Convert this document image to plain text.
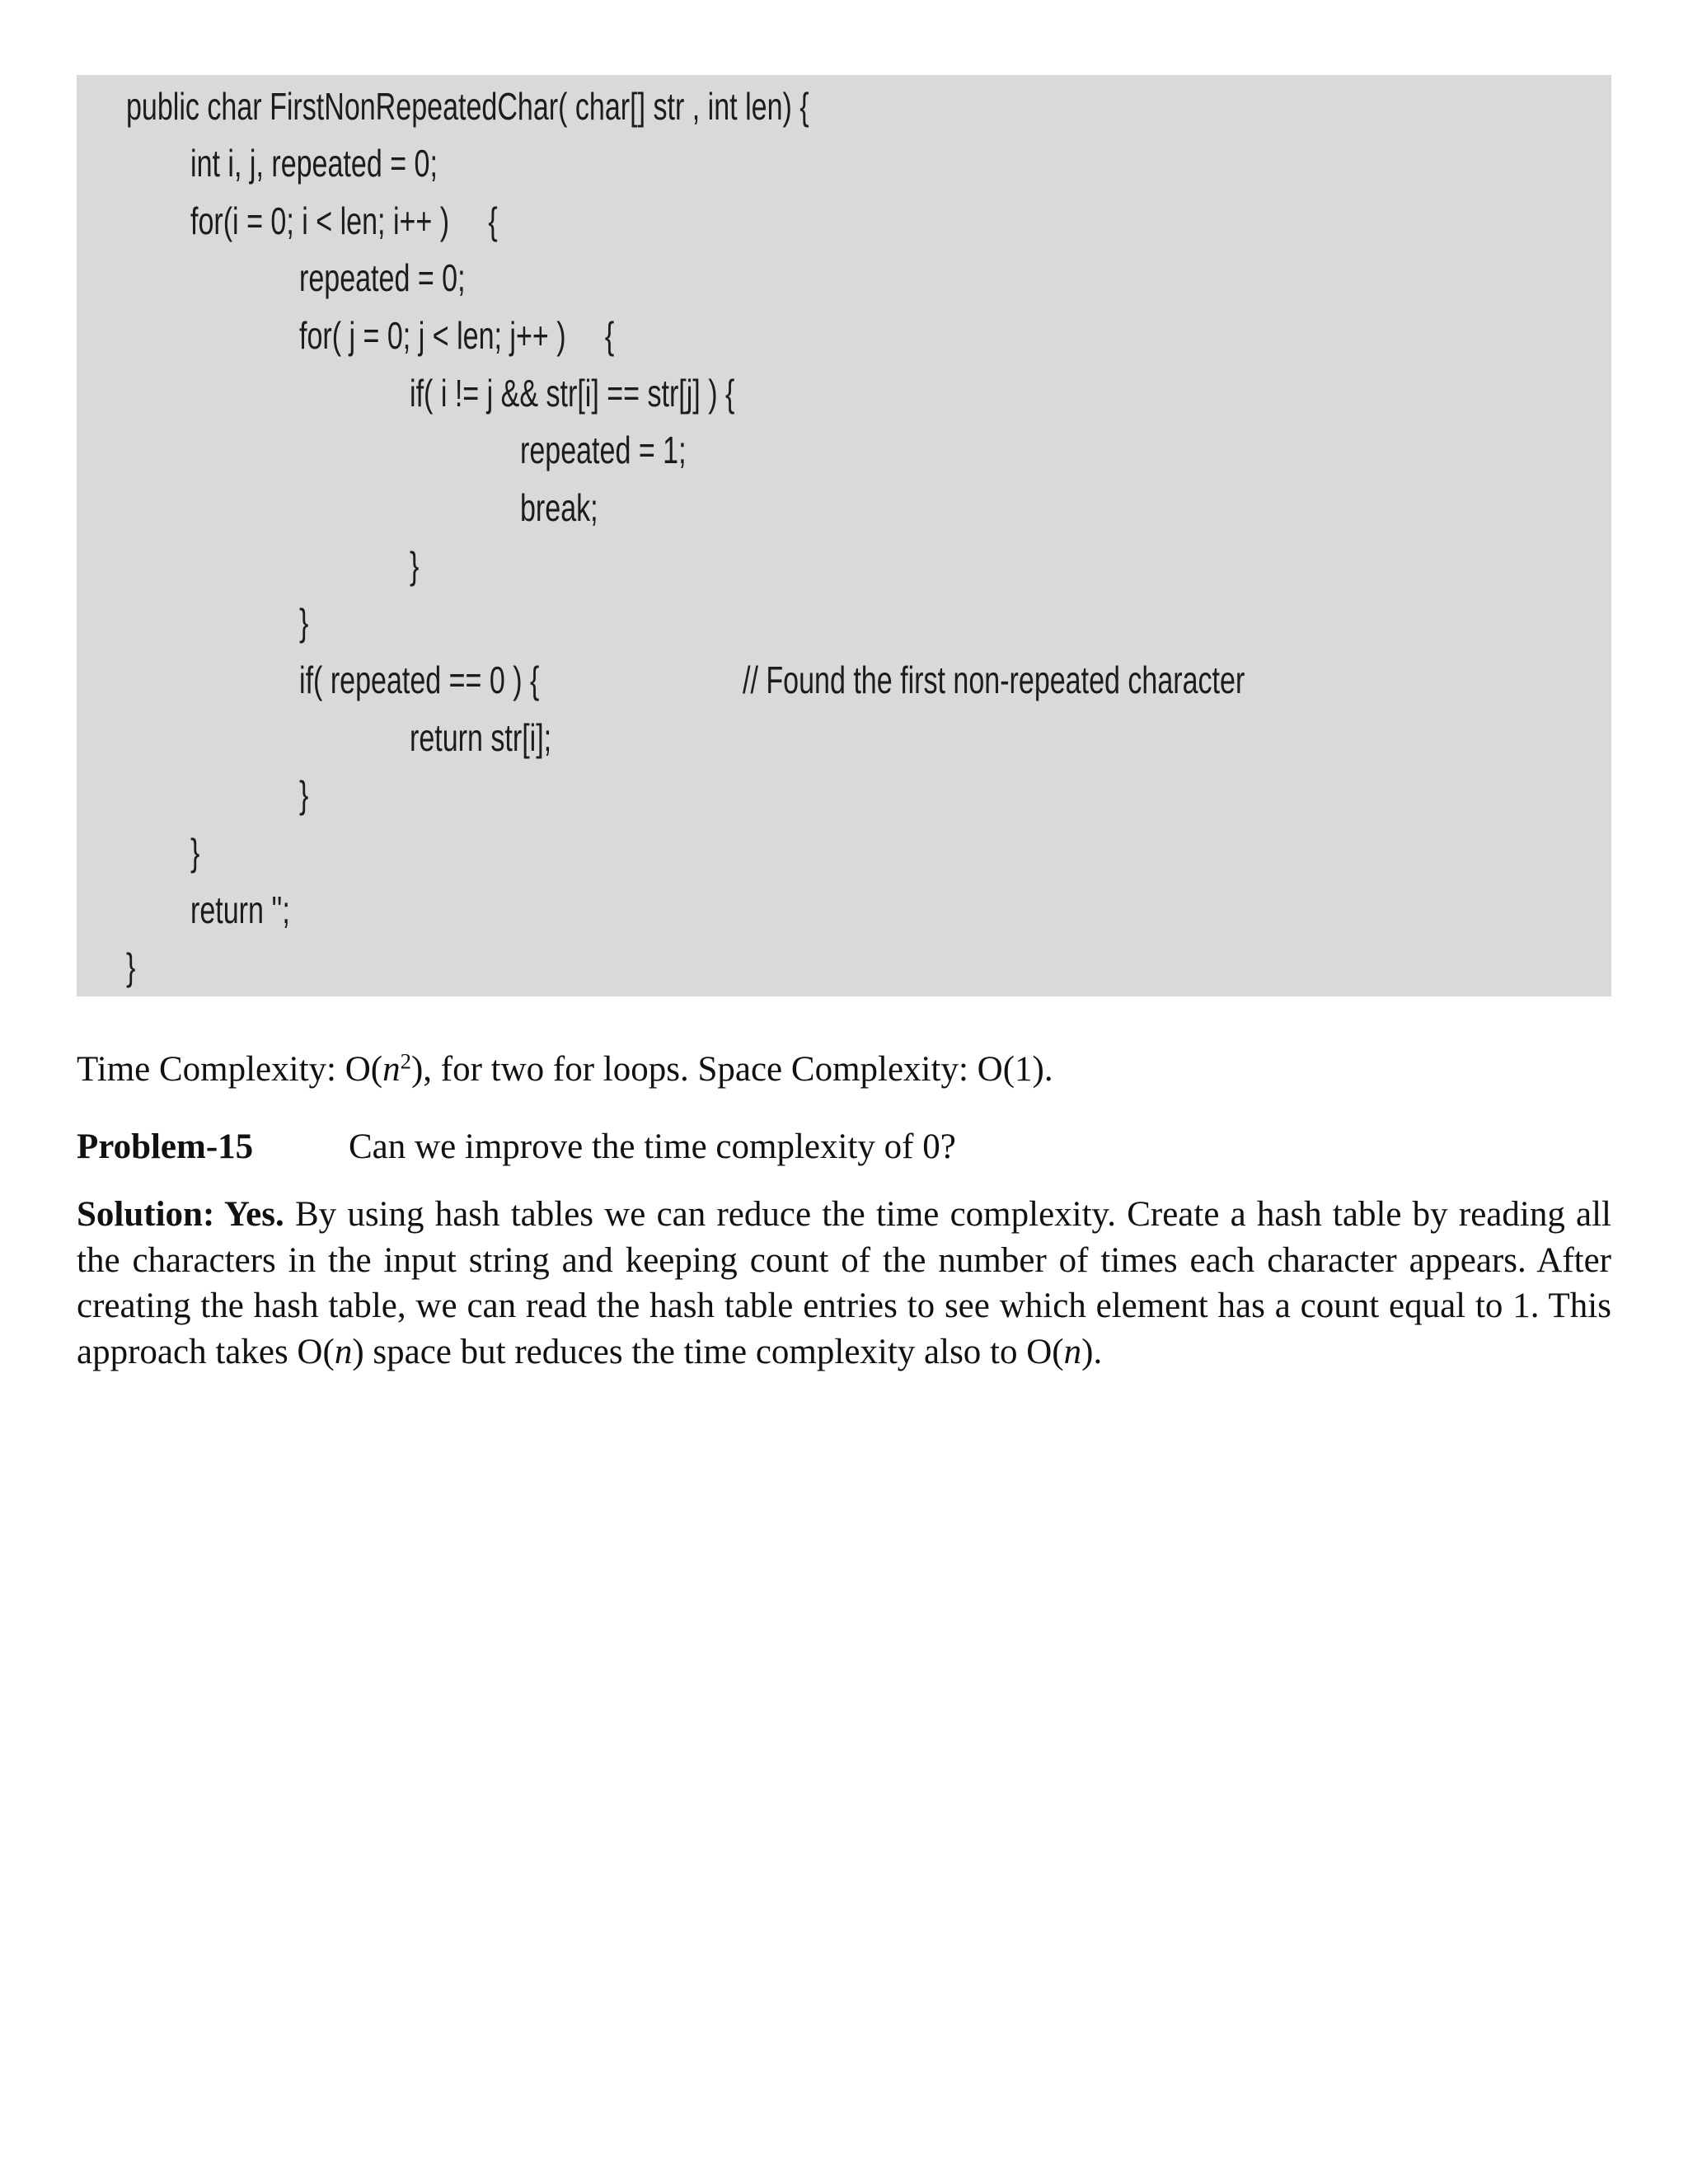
public char FirstNonRepeatedChar( char[] str , int len) {
int i, j, repeated = 0;
for(i = 0; i < len; i++ )     {
repeated = 0;
for( j = 0; j < len; j++ )     {
if( i != j && str[i] == str[j] ) {
repeated = 1;
break;
}
}
if( repeated == 0 ) {	// Found the first non-repeated character
return str[i];
}
}
return '';
}
Time Complexity: $O(n^2)$, for two for loops. Space Complexity: O(1).
Problem-15	Can we improve the time complexity of 0?
Solution: Yes. By using hash tables we can reduce the time complexity. Create a hash table by reading all the characters in the input string and keeping count of the number of times each character appears. After creating the hash table, we can read the hash table entries to see which element has a count equal to 1. This approach takes O(n) space but reduces the time complexity also to O(n).
